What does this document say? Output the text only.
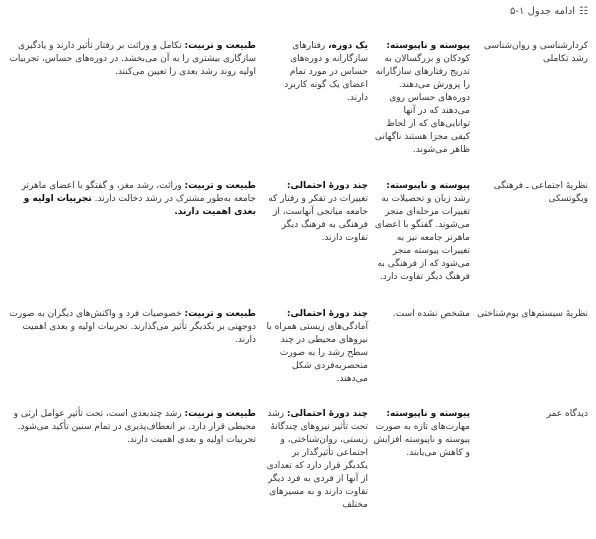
☷ادامه جدول ۱-۵
طبیعت و تربیت: تکامل و وراثت بر رفتار تأثیر دارند و یادگیری سازگاری بیشتری را به آن می‌بخشد. در دوره‌های حساس، تجربیات اولیه روند رشد بعدی را تعیین می‌کنند.
یک دوره، رفتارهای سازگارانه و دوره‌های حساس در مورد تمام اعضای یک گونه کاربرد دارند.
پیوسته و ناپیوسته: کودکان و بزرگسالان به تدریج رفتارهای سازگارانه را پرورش می‌دهند. دوره‌های حساس روی می‌دهند که در آنها توانایی‌های که از لحاظ کیفی مجزا هستند ناگهانی ظاهر می‌شوند.
کردارشناسی و روان‌شناسی رشد تکاملی
طبیعت و تربیت: وراثت، رشد مغز، و گفتگو با اعضای ماهرتر جامعه به‌طور مشترک در رشد دخالت دارند. تجربیات اولیه و بعدی اهمیت دارند.
چند دورهٔ احتمالی: تغییرات در تفکر و رفتار که جامعه میانجی آنهاست، از فرهنگی به فرهنگ دیگر تفاوت دارند.
پیوسته و ناپیوسته: رشد زبان و تحصیلات به تغییرات مرحله‌ای منجر می‌شوند. گفتگو با اعضای ماهرتر جامعه نیز به تغییرات پیوسته منجر می‌شود که از فرهنگی به فرهنگ دیگر تفاوت دارد.
نظریهٔ اجتماعی ـ فرهنگی ویگوتسکی
طبیعت و تربیت: خصوصیات فرد و واکنش‌های دیگران به صورت دوجهتی بر یکدیگر تأثیر می‌گذارند. تجربیات اولیه و بعدی اهمیت دارند.
چند دورهٔ احتمالی: آمادگی‌های زیستی همراه با نیروهای محیطی در چند سطح رشد را به صورت منحصربه‌فردی شکل می‌دهند.
مشخص نشده است. نظریهٔ سیستم‌های بوم‌شناختی
طبیعت و تربیت: رشد چندبعدی است، تحت تأثیر عوامل ارثی و محیطی قرار دارد. بر انعطاف‌پذیری در تمام سنین تأکید می‌شود. تجربیات اولیه و بعدی اهمیت دارند.
چند دورهٔ احتمالی: رشد تحت تأثیر نیروهای چندگانهٔ زیستی، روان‌شناختی، و اجتماعی تأثیرگذار بر یکدیگر قرار دارد که تعدادی از آنها از فردی به فرد دیگر تفاوت دارند و به مسیرهای مختلف
پیوسته و ناپیوسته: مهارت‌های تازه به صورت پیوسته و ناپیوسته افزایش و کاهش می‌یابند.
دیدگاه عمر
